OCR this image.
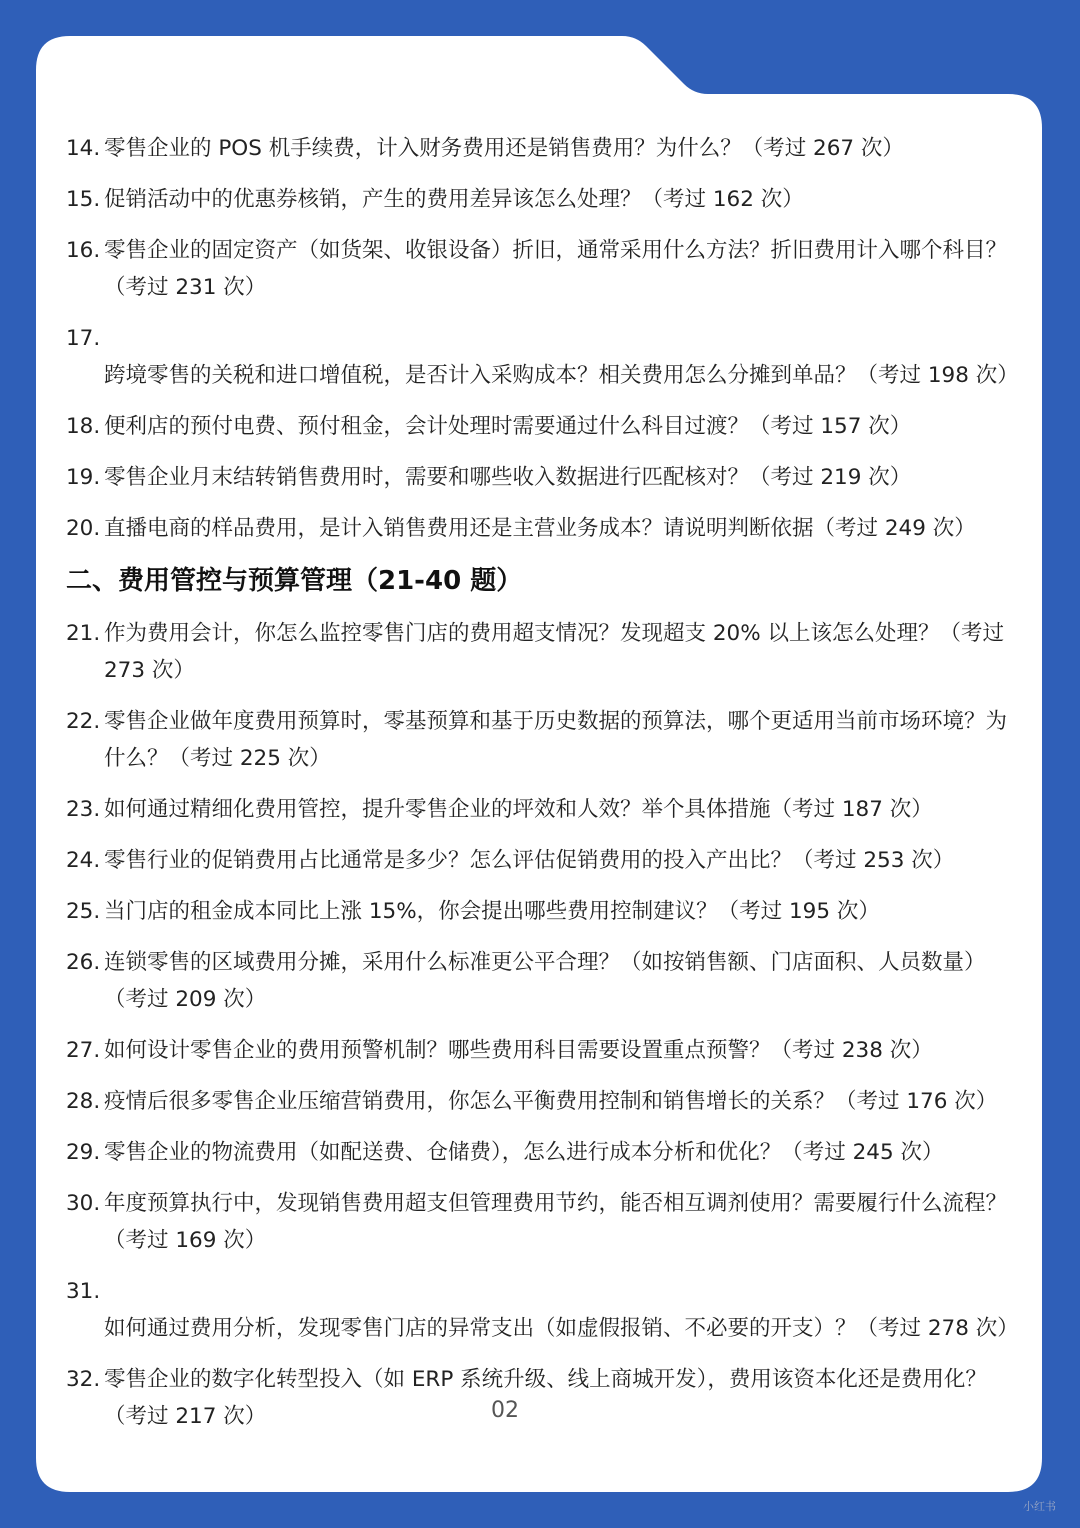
14. 零售企业的 POS 机手续费，计入财务费用还是销售费用？为什么？（考过 267 次）
15. 促销活动中的优惠券核销，产生的费用差异该怎么处理？（考过 162 次）
16. 零售企业的固定资产（如货架、收银设备）折旧，通常采用什么方法？折旧费用计入哪个科目？（考过 231 次）
17.跨境零售的关税和进口增值税，是否计入采购成本？相关费用怎么分摊到单品？（考过 198 次）
18. 便利店的预付电费、预付租金，会计处理时需要通过什么科目过渡？（考过 157 次）
19. 零售企业月末结转销售费用时，需要和哪些收入数据进行匹配核对？（考过 219 次）
20. 直播电商的样品费用，是计入销售费用还是主营业务成本？请说明判断依据（考过 249 次）
二、费用管控与预算管理（21-40 题）
21. 作为费用会计，你怎么监控零售门店的费用超支情况？发现超支 20% 以上该怎么处理？（考过 273 次）
22. 零售企业做年度费用预算时，零基预算和基于历史数据的预算法，哪个更适用当前市场环境？为什么？（考过 225 次）
23. 如何通过精细化费用管控，提升零售企业的坪效和人效？举个具体措施（考过 187 次）
24. 零售行业的促销费用占比通常是多少？怎么评估促销费用的投入产出比？（考过 253 次）
25. 当门店的租金成本同比上涨 15%，你会提出哪些费用控制建议？（考过 195 次）
26. 连锁零售的区域费用分摊，采用什么标准更公平合理？（如按销售额、门店面积、人员数量）（考过 209 次）
27. 如何设计零售企业的费用预警机制？哪些费用科目需要设置重点预警？（考过 238 次）
28. 疫情后很多零售企业压缩营销费用，你怎么平衡费用控制和销售增长的关系？（考过 176 次）
29. 零售企业的物流费用（如配送费、仓储费），怎么进行成本分析和优化？（考过 245 次）
30. 年度预算执行中，发现销售费用超支但管理费用节约，能否相互调剂使用？需要履行什么流程？（考过 169 次）
31.如何通过费用分析，发现零售门店的异常支出（如虚假报销、不必要的开支）？（考过 278 次）
32. 零售企业的数字化转型投入（如 ERP 系统升级、线上商城开发），费用该资本化还是费用化？（考过 217 次）	02
小红书
